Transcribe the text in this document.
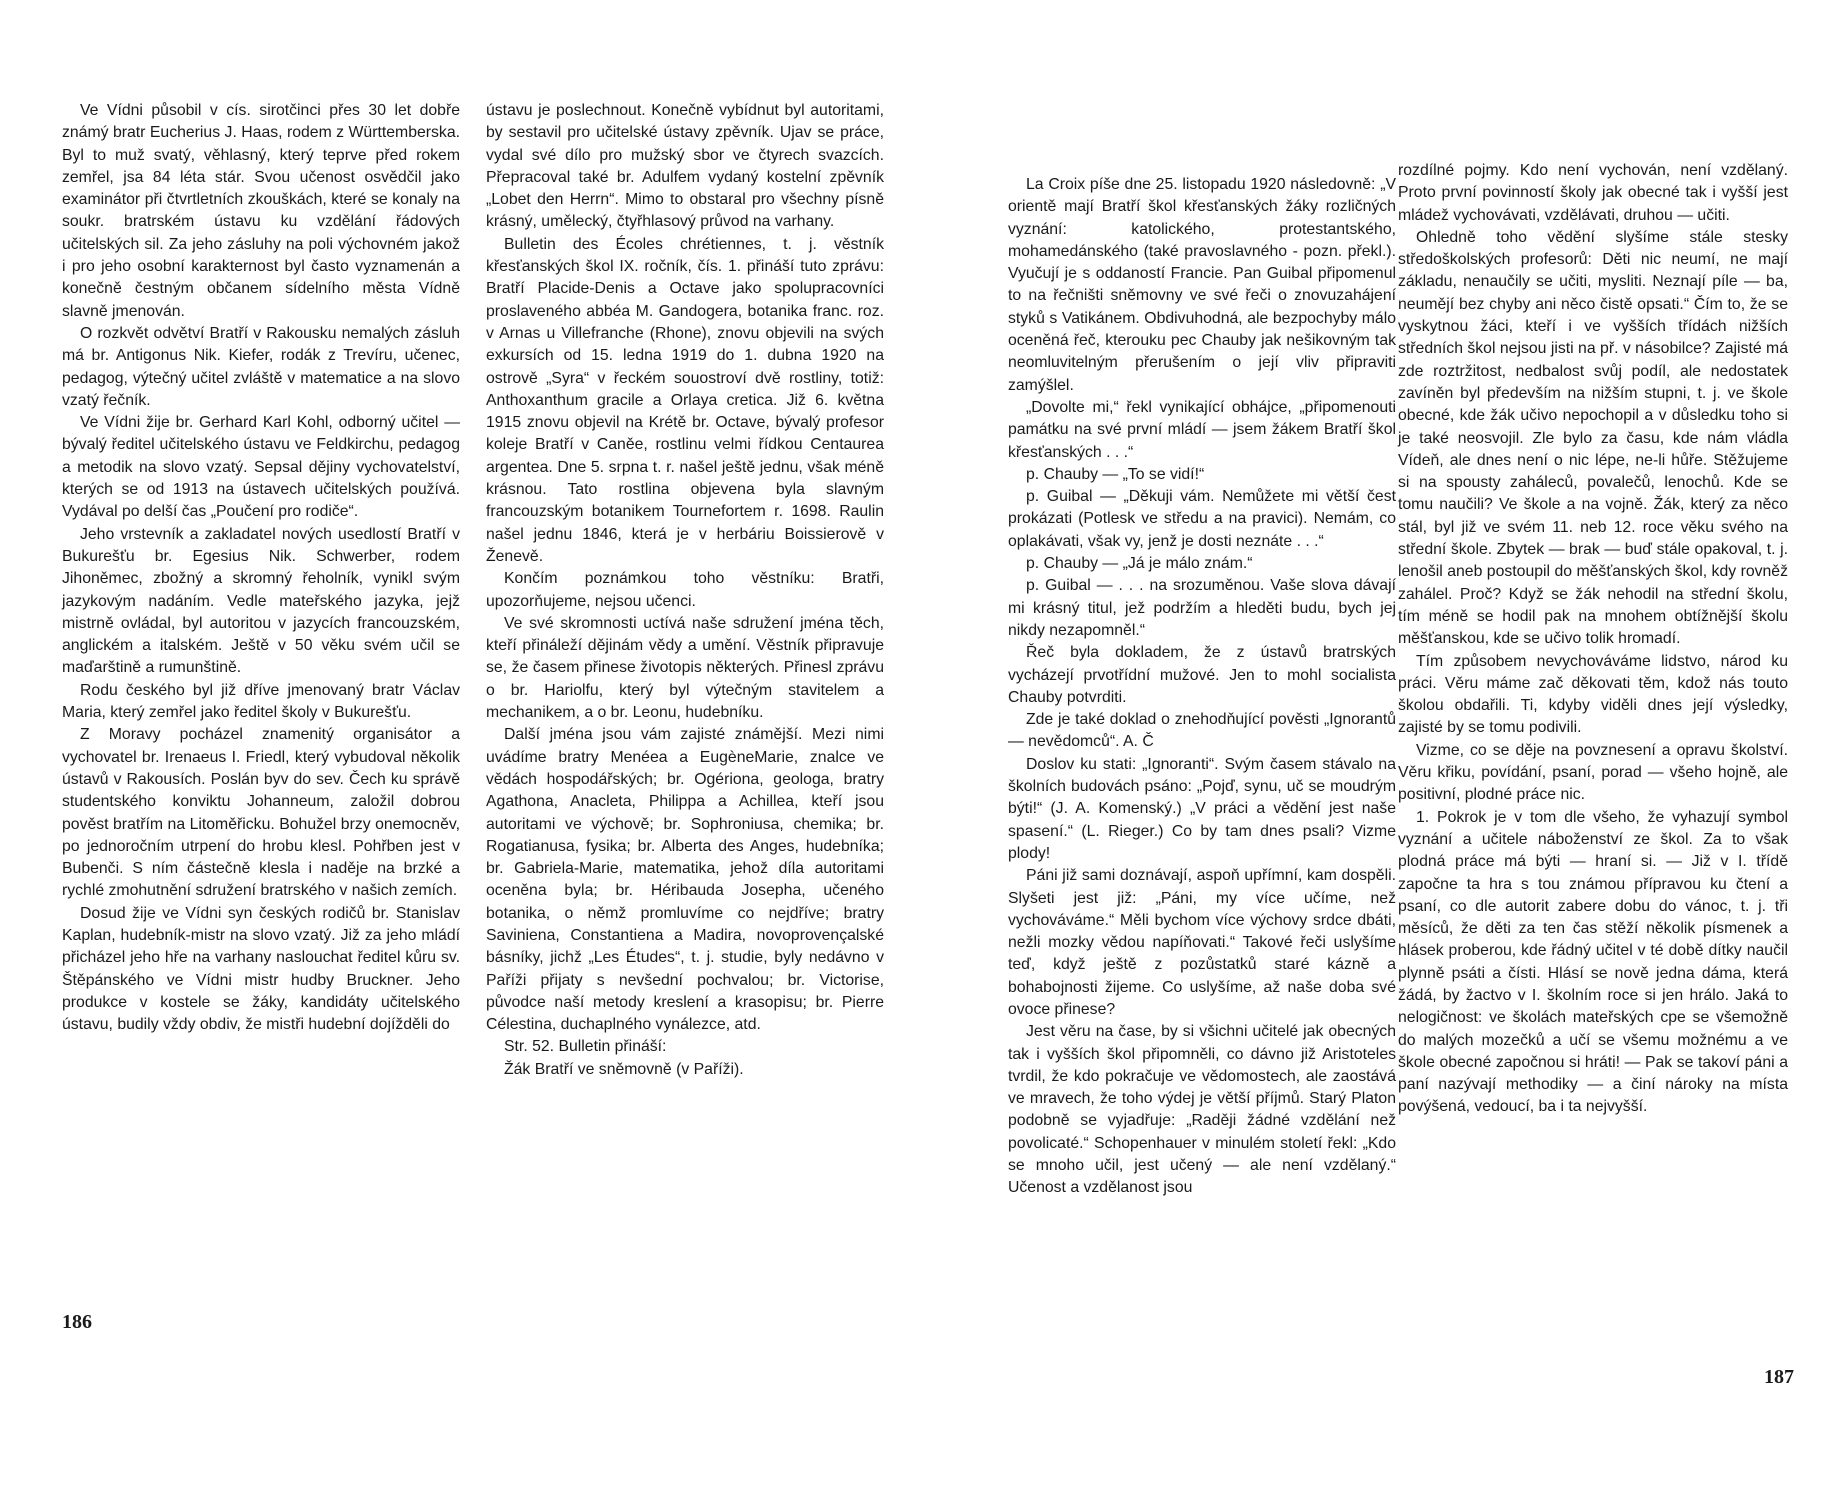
Ve Vídni působil v cís. sirotčinci přes 30 let dobře známý bratr Eucherius J. Haas, rodem z Württemberska. Byl to muž svatý, věhlasný, který teprve před rokem zemřel, jsa 84 léta stár. Svou učenost osvědčil jako examinátor při čtvrtletních zkouškách, které se konaly na soukr. bratrském ústavu ku vzdělání řádových učitelských sil. Za jeho zásluhy na poli výchovném jakož i pro jeho osobní karakternost byl často vyznamenán a konečně čestným občanem sídelního města Vídně slavně jmenován.

O rozkvět odvětví Bratří v Rakousku nemalých zásluh má br. Antigonus Nik. Kiefer, rodák z Trevíru, učenec, pedagog, výtečný učitel zvláště v matematice a na slovo vzatý řečník.

Ve Vídni žije br. Gerhard Karl Kohl, odborný učitel — bývalý ředitel učitelského ústavu ve Feldkirchu, pedagog a metodik na slovo vzatý. Sepsal dějiny vychovatelství, kterých se od 1913 na ústavech učitelských používá. Vydával po delší čas „Poučení pro rodiče“.

Jeho vrstevník a zakladatel nových usedlostí Bratří v Bukurešťu br. Egesius Nik. Schwerber, rodem Jihoněmec, zbožný a skromný řeholník, vynikl svým jazykovým nadáním. Vedle mateřského jazyka, jejž mistrně ovládal, byl autoritou v jazycích francouzském, anglickém a italském. Ještě v 50 věku svém učil se maďarštině a rumunštině.

Rodu českého byl již dříve jmenovaný bratr Václav Maria, který zemřel jako ředitel školy v Bukurešťu.

Z Moravy pocházel znamenitý organisátor a vychovatel br. Irenaeus I. Friedl, který vybudoval několik ústavů v Rakousích. Poslán byv do sev. Čech ku správě studentského konviktu Johanneum, založil dobrou pověst bratřím na Litoměřicku. Bohužel brzy onemocněv, po jednoročním utrpení do hrobu klesl. Pohřben jest v Bubenči. S ním částečně klesla i naděje na brzké a rychlé zmohutnění sdružení bratrského v našich zemích.

Dosud žije ve Vídni syn českých rodičů br. Stanislav Kaplan, hudebník-mistr na slovo vzatý. Již za jeho mládí přicházel jeho hře na varhany naslouchat ředitel kůru sv. Štěpánského ve Vídni mistr hudby Bruckner. Jeho produkce v kostele se žáky, kandidáty učitelského ústavu, budily vždy obdiv, že mistři hudební dojížděli do

ústavu je poslechnout. Konečně vybídnut byl autoritami, by sestavil pro učitelské ústavy zpěvník. Ujav se práce, vydal své dílo pro mužský sbor ve čtyrech svazcích. Přepracoval také br. Adulfem vydaný kostelní zpěvník „Lobet den Herrn“. Mimo to obstaral pro všechny písně krásný, umělecký, čtyřhlasový průvod na varhany.

Bulletin des Écoles chrétiennes, t. j. věstník křesťanských škol IX. ročník, čís. 1. přináší tuto zprávu: Bratří Placide-Denis a Octave jako spolupracovníci proslaveného abbéa M. Gandogera, botanika franc. roz. v Arnas u Villefranche (Rhone), znovu objevili na svých exkursích od 15. ledna 1919 do 1. dubna 1920 na ostrově „Syra“ v řeckém souostroví dvě rostliny, totiž: Anthoxanthum gracile a Orlaya cretica. Již 6. května 1915 znovu objevil na Krétě br. Octave, bývalý profesor koleje Bratří v Caněe, rostlinu velmi řídkou Centaurea argentea. Dne 5. srpna t. r. našel ještě jednu, však méně krásnou. Tato rostlina objevena byla slavným francouzským botanikem Tournefortem r. 1698. Raulin našel jednu 1846, která je v herbáriu Boissierově v Ženevě.

Končím poznámkou toho věstníku: Bratři, upozorňujeme, nejsou učenci.

Ve své skromnosti uctívá naše sdružení jména těch, kteří přináleží dějinám vědy a umění. Věstník připravuje se, že časem přinese životopis některých. Přinesl zprávu o br. Hariolfu, který byl výtečným stavitelem a mechanikem, a o br. Leonu, hudebníku.

Další jména jsou vám zajisté známější. Mezi nimi uvádíme bratry Menéea a EugèneMarie, znalce ve vědách hospodářských; br. Ogériona, geologa, bratry Agathona, Anacleta, Philippa a Achillea, kteří jsou autoritami ve výchově; br. Sophroniusa, chemika; br. Rogatianusa, fysika; br. Alberta des Anges, hudebníka; br. Gabriela-Marie, matematika, jehož díla autoritami oceněna byla; br. Héribauda Josepha, učeného botanika, o němž promluvíme co nejdříve; bratry Saviniena, Constantiena a Madira, novoprovençalské básníky, jichž „Les Études“, t. j. studie, byly nedávno v Paříži přijaty s nevšední pochvalou; br. Victorise, původce naší metody kreslení a krasopisu; br. Pierre Célestina, duchaplného vynálezce, atd.

Str. 52. Bulletin přináší:

Žák Bratří ve sněmovně (v Paříži).

186

La Croix píše dne 25. listopadu 1920 následovně: „V orientě mají Bratří škol křesťanských žáky rozličných vyznání: katolického, protestantského, mohamedánského (také pravoslavného - pozn. překl.). Vyučují je s oddaností Francie. Pan Guibal připomenul to na řečništi sněmovny ve své řeči o znovuzahájení styků s Vatikánem. Obdivuhodná, ale bezpochyby málo oceněná řeč, kterouku pec Chauby jak nešikovným tak neomluvitelným přerušením o její vliv připraviti zamýšlel.

„Dovolte mi,“ řekl vynikající obhájce, „připomenouti památku na své první mládí — jsem žákem Bratří škol křesťanských . . .“

p. Chauby — „To se vidí!“

p. Guibal — „Děkuji vám. Nemůžete mi větší čest prokázati (Potlesk ve středu a na pravici). Nemám, co oplakávati, však vy, jenž je dosti neznáte . . .“

p. Chauby — „Já je málo znám.“

p. Guibal — . . . na srozuměnou. Vaše slova dávají mi krásný titul, jež podržím a hleděti budu, bych jej nikdy nezapomněl.“

Řeč byla dokladem, že z ústavů bratrských vycházejí prvotřídní mužové. Jen to mohl socialista Chauby potvrditi.

Zde je také doklad o znehodňující pověsti „Ignorantů — nevědomců“. A. Č

Doslov ku stati: „Ignoranti“. Svým časem stávalo na školních budovách psáno: „Pojď, synu, uč se moudrým býti!“ (J. A. Komenský.) „V práci a vědění jest naše spasení.“ (L. Rieger.) Co by tam dnes psali? Vizme plody!

Páni již sami doznávají, aspoň upřímní, kam dospěli. Slyšeti jest již: „Páni, my více učíme, než vychováváme.“ Měli bychom více výchovy srdce dbáti, nežli mozky vědou napíňovati.“ Takové řeči uslyšíme teď, když ještě z pozůstatků staré kázně a bohabojnosti žijeme. Co uslyšíme, až naše doba své ovoce přinese?

Jest věru na čase, by si všichni učitelé jak obecných tak i vyšších škol připomněli, co dávno již Aristoteles tvrdil, že kdo pokračuje ve vědomostech, ale zaostává ve mravech, že toho výdej je větší příjmů. Starý Platon podobně se vyjadřuje: „Raději žádné vzdělání než povolicaté.“ Schopenhauer v minulém století řekl: „Kdo se mnoho učil, jest učený — ale není vzdělaný.“ Učenost a vzdělanost jsou

rozdílné pojmy. Kdo není vychován, není vzdělaný. Proto první povinností školy jak obecné tak i vyšší jest mládež vychovávati, vzdělávati, druhou — učiti.

Ohledně toho vědění slyšíme stále stesky středoškolských profesorů: Děti nic neumí, ne mají základu, nenaučily se učiti, mysliti. Neznají píle — ba, neumějí bez chyby ani něco čistě opsati.“ Čím to, že se vyskytnou žáci, kteří i ve vyšších třídách nižších středních škol nejsou jisti na př. v násobilce? Zajisté má zde roztržitost, nedbalost svůj podíl, ale nedostatek zavíněn byl především na nižším stupni, t. j. ve škole obecné, kde žák učivo nepochopil a v důsledku toho si je také neosvojil. Zle bylo za času, kde nám vládla Vídeň, ale dnes není o nic lépe, ne-li hůře. Stěžujeme si na spousty zaháleců, povalečů, lenochů. Kde se tomu naučili? Ve škole a na vojně. Žák, který za něco stál, byl již ve svém 11. neb 12. roce věku svého na střední škole. Zbytek — brak — buď stále opakoval, t. j. lenošil aneb postoupil do měšťanských škol, kdy rovněž zahálel. Proč? Když se žák nehodil na střední školu, tím méně se hodil pak na mnohem obtížnější školu měšťanskou, kde se učivo tolik hromadí.

Tím způsobem nevychováváme lidstvo, národ ku práci. Věru máme zač děkovati těm, kdož nás touto školou obdařili. Ti, kdyby viděli dnes její výsledky, zajisté by se tomu podivili.

Vizme, co se děje na povznesení a opravu školství. Věru křiku, povídání, psaní, porad — všeho hojně, ale positivní, plodné práce nic.

1. Pokrok je v tom dle všeho, že vyhazují symbol vyznání a učitele náboženství ze škol. Za to však plodná práce má býti — hraní si. — Již v I. třídě započne ta hra s tou známou přípravou ku čtení a psaní, co dle autorit zabere dobu do vánoc, t. j. tři měsíců, že děti za ten čas stěží několik písmenek a hlásek proberou, kde řádný učitel v té době dítky naučil plynně psáti a čísti. Hlásí se nově jedna dáma, která žádá, by žactvo v I. školním roce si jen hrálo. Jaká to nelogičnost: ve školách mateřských cpe se všemožně do malých mozečků a učí se všemu možnému a ve škole obecné započnou si hráti! — Pak se takoví páni a paní nazývají methodiky — a činí nároky na místa povýšená, vedoucí, ba i ta nejvyšší.

187
